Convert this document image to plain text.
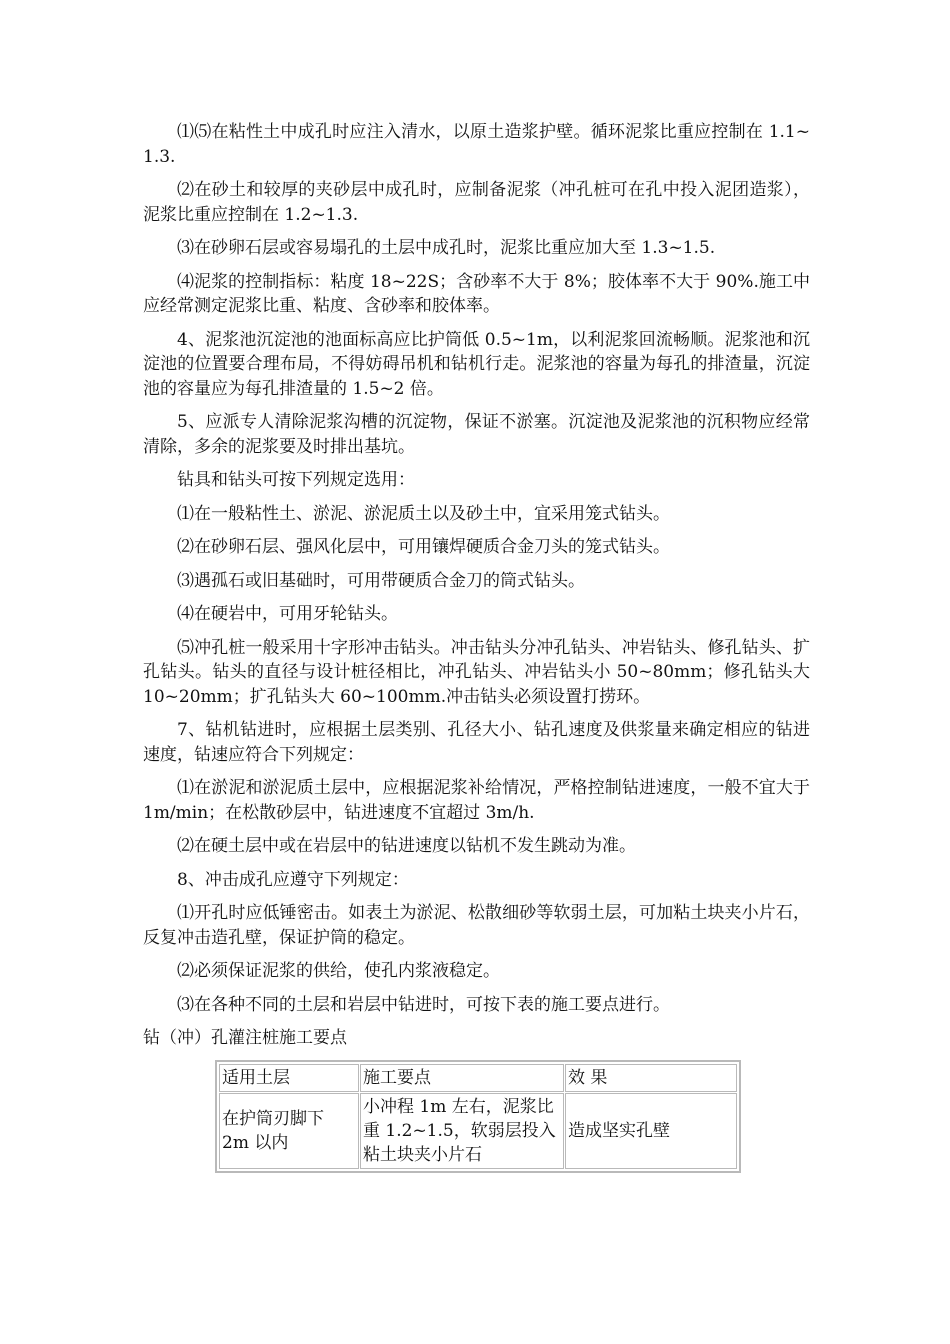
⑴⑸在粘性土中成孔时应注入清水，以原土造浆护壁。循环泥浆比重应控制在 1.1~1.3.

⑵在砂土和较厚的夹砂层中成孔时，应制备泥浆（冲孔桩可在孔中投入泥团造浆），泥浆比重应控制在 1.2~1.3.

⑶在砂卵石层或容易塌孔的土层中成孔时，泥浆比重应加大至 1.3~1.5.

⑷泥浆的控制指标：粘度 18~22S；含砂率不大于 8%；胶体率不大于 90%.施工中应经常测定泥浆比重、粘度、含砂率和胶体率。

4、泥浆池沉淀池的池面标高应比护筒低 0.5~1m，以利泥浆回流畅顺。泥浆池和沉淀池的位置要合理布局，不得妨碍吊机和钻机行走。泥浆池的容量为每孔的排渣量，沉淀池的容量应为每孔排渣量的 1.5~2 倍。

5、应派专人清除泥浆沟槽的沉淀物，保证不淤塞。沉淀池及泥浆池的沉积物应经常清除，多余的泥浆要及时排出基坑。

钻具和钻头可按下列规定选用：

⑴在一般粘性土、淤泥、淤泥质土以及砂土中，宜采用笼式钻头。

⑵在砂卵石层、强风化层中，可用镶焊硬质合金刀头的笼式钻头。

⑶遇孤石或旧基础时，可用带硬质合金刀的筒式钻头。

⑷在硬岩中，可用牙轮钻头。

⑸冲孔桩一般采用十字形冲击钻头。冲击钻头分冲孔钻头、冲岩钻头、修孔钻头、扩孔钻头。钻头的直径与设计桩径相比，冲孔钻头、冲岩钻头小 50~80mm；修孔钻头大 10~20mm；扩孔钻头大 60~100mm.冲击钻头必须设置打捞环。

7、钻机钻进时，应根据土层类别、孔径大小、钻孔速度及供浆量来确定相应的钻进速度，钻速应符合下列规定：

⑴在淤泥和淤泥质土层中，应根据泥浆补给情况，严格控制钻进速度，一般不宜大于 1m/min；在松散砂层中，钻进速度不宜超过 3m/h.

⑵在硬土层中或在岩层中的钻进速度以钻机不发生跳动为准。

8、冲击成孔应遵守下列规定：

⑴开孔时应低锤密击。如表土为淤泥、松散细砂等软弱土层，可加粘土块夹小片石，反复冲击造孔壁，保证护筒的稳定。

⑵必须保证泥浆的供给，使孔内浆液稳定。

⑶在各种不同的土层和岩层中钻进时，可按下表的施工要点进行。

钻（冲）孔灌注桩施工要点
适用土层	施工要点	效 果
在护筒刃脚下 2m 以内	小冲程 1m 左右，泥浆比重 1.2~1.5，软弱层投入粘土块夹小片石	造成坚实孔壁
